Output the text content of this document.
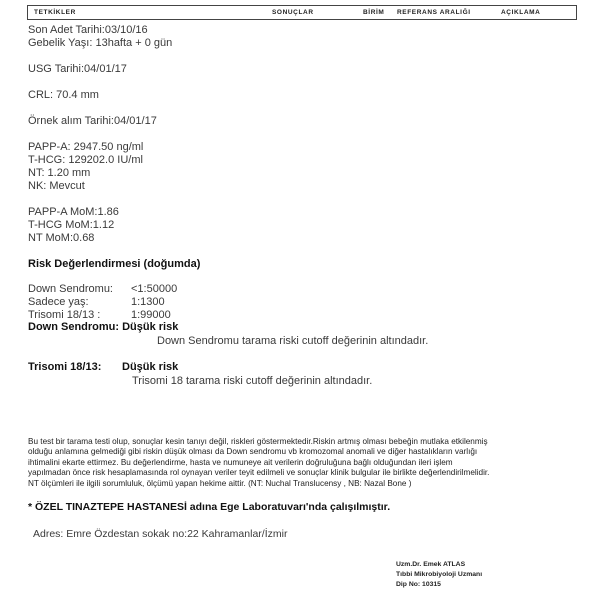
TETKİKLER	SONUÇLAR	BİRİM REFERANS ARALIĞI	AÇIKLAMA
Son Adet Tarihi:03/10/16
Gebelik Yaşı: 13hafta + 0 gün
USG Tarihi:04/01/17
CRL: 70.4 mm
Örnek alım Tarihi:04/01/17
PAPP-A: 2947.50 ng/ml
T-HCG: 129202.0 IU/ml
NT: 1.20 mm
NK: Mevcut
PAPP-A MoM:1.86
T-HCG MoM:1.12
NT MoM:0.68
Risk Değerlendirmesi (doğumda)
Down Sendromu: <1:50000
Sadece yaş:	1:1300
Trisomi 18/13 :	1:99000
Down Sendromu: Düşük risk
Down Sendromu tarama riski cutoff değerinin altındadır.
Trisomi 18/13: Düşük risk
Trisomi 18 tarama riski cutoff değerinin altındadır.
Bu test bir tarama testi olup, sonuçlar kesin tanıyı değil, riskleri göstermektedir.Riskin artmış olması bebeğin mutlaka etkilenmiş
olduğu anlamına gelmediği gibi riskin düşük olması da Down sendromu vb kromozomal anomali ve diğer hastalıkların varlığı
ihtimalini ekarte ettirmez. Bu değerlendirme, hasta ve numuneye ait verilerin doğruluğuna bağlı olduğundan ileri işlem
yapılmadan önce risk hesaplamasında rol oynayan veriler teyit edilmeli ve sonuçlar klinik bulgular ile birlikte değerlendirilmelidir.
NT ölçümleri ile ilgili sorumluluk, ölçümü yapan hekime aittir. (NT: Nuchal Translucensy , NB: Nazal Bone )
* ÖZEL TINAZTEPE HASTANESİ adına Ege Laboratuvarı'nda çalışılmıştır.
Adres: Emre Özdestan sokak no:22 Kahramanlar/İzmir
Uzm.Dr. Emek ATLAS
Tıbbi Mikrobiyoloji Uzmanı
Dip No: 10315
